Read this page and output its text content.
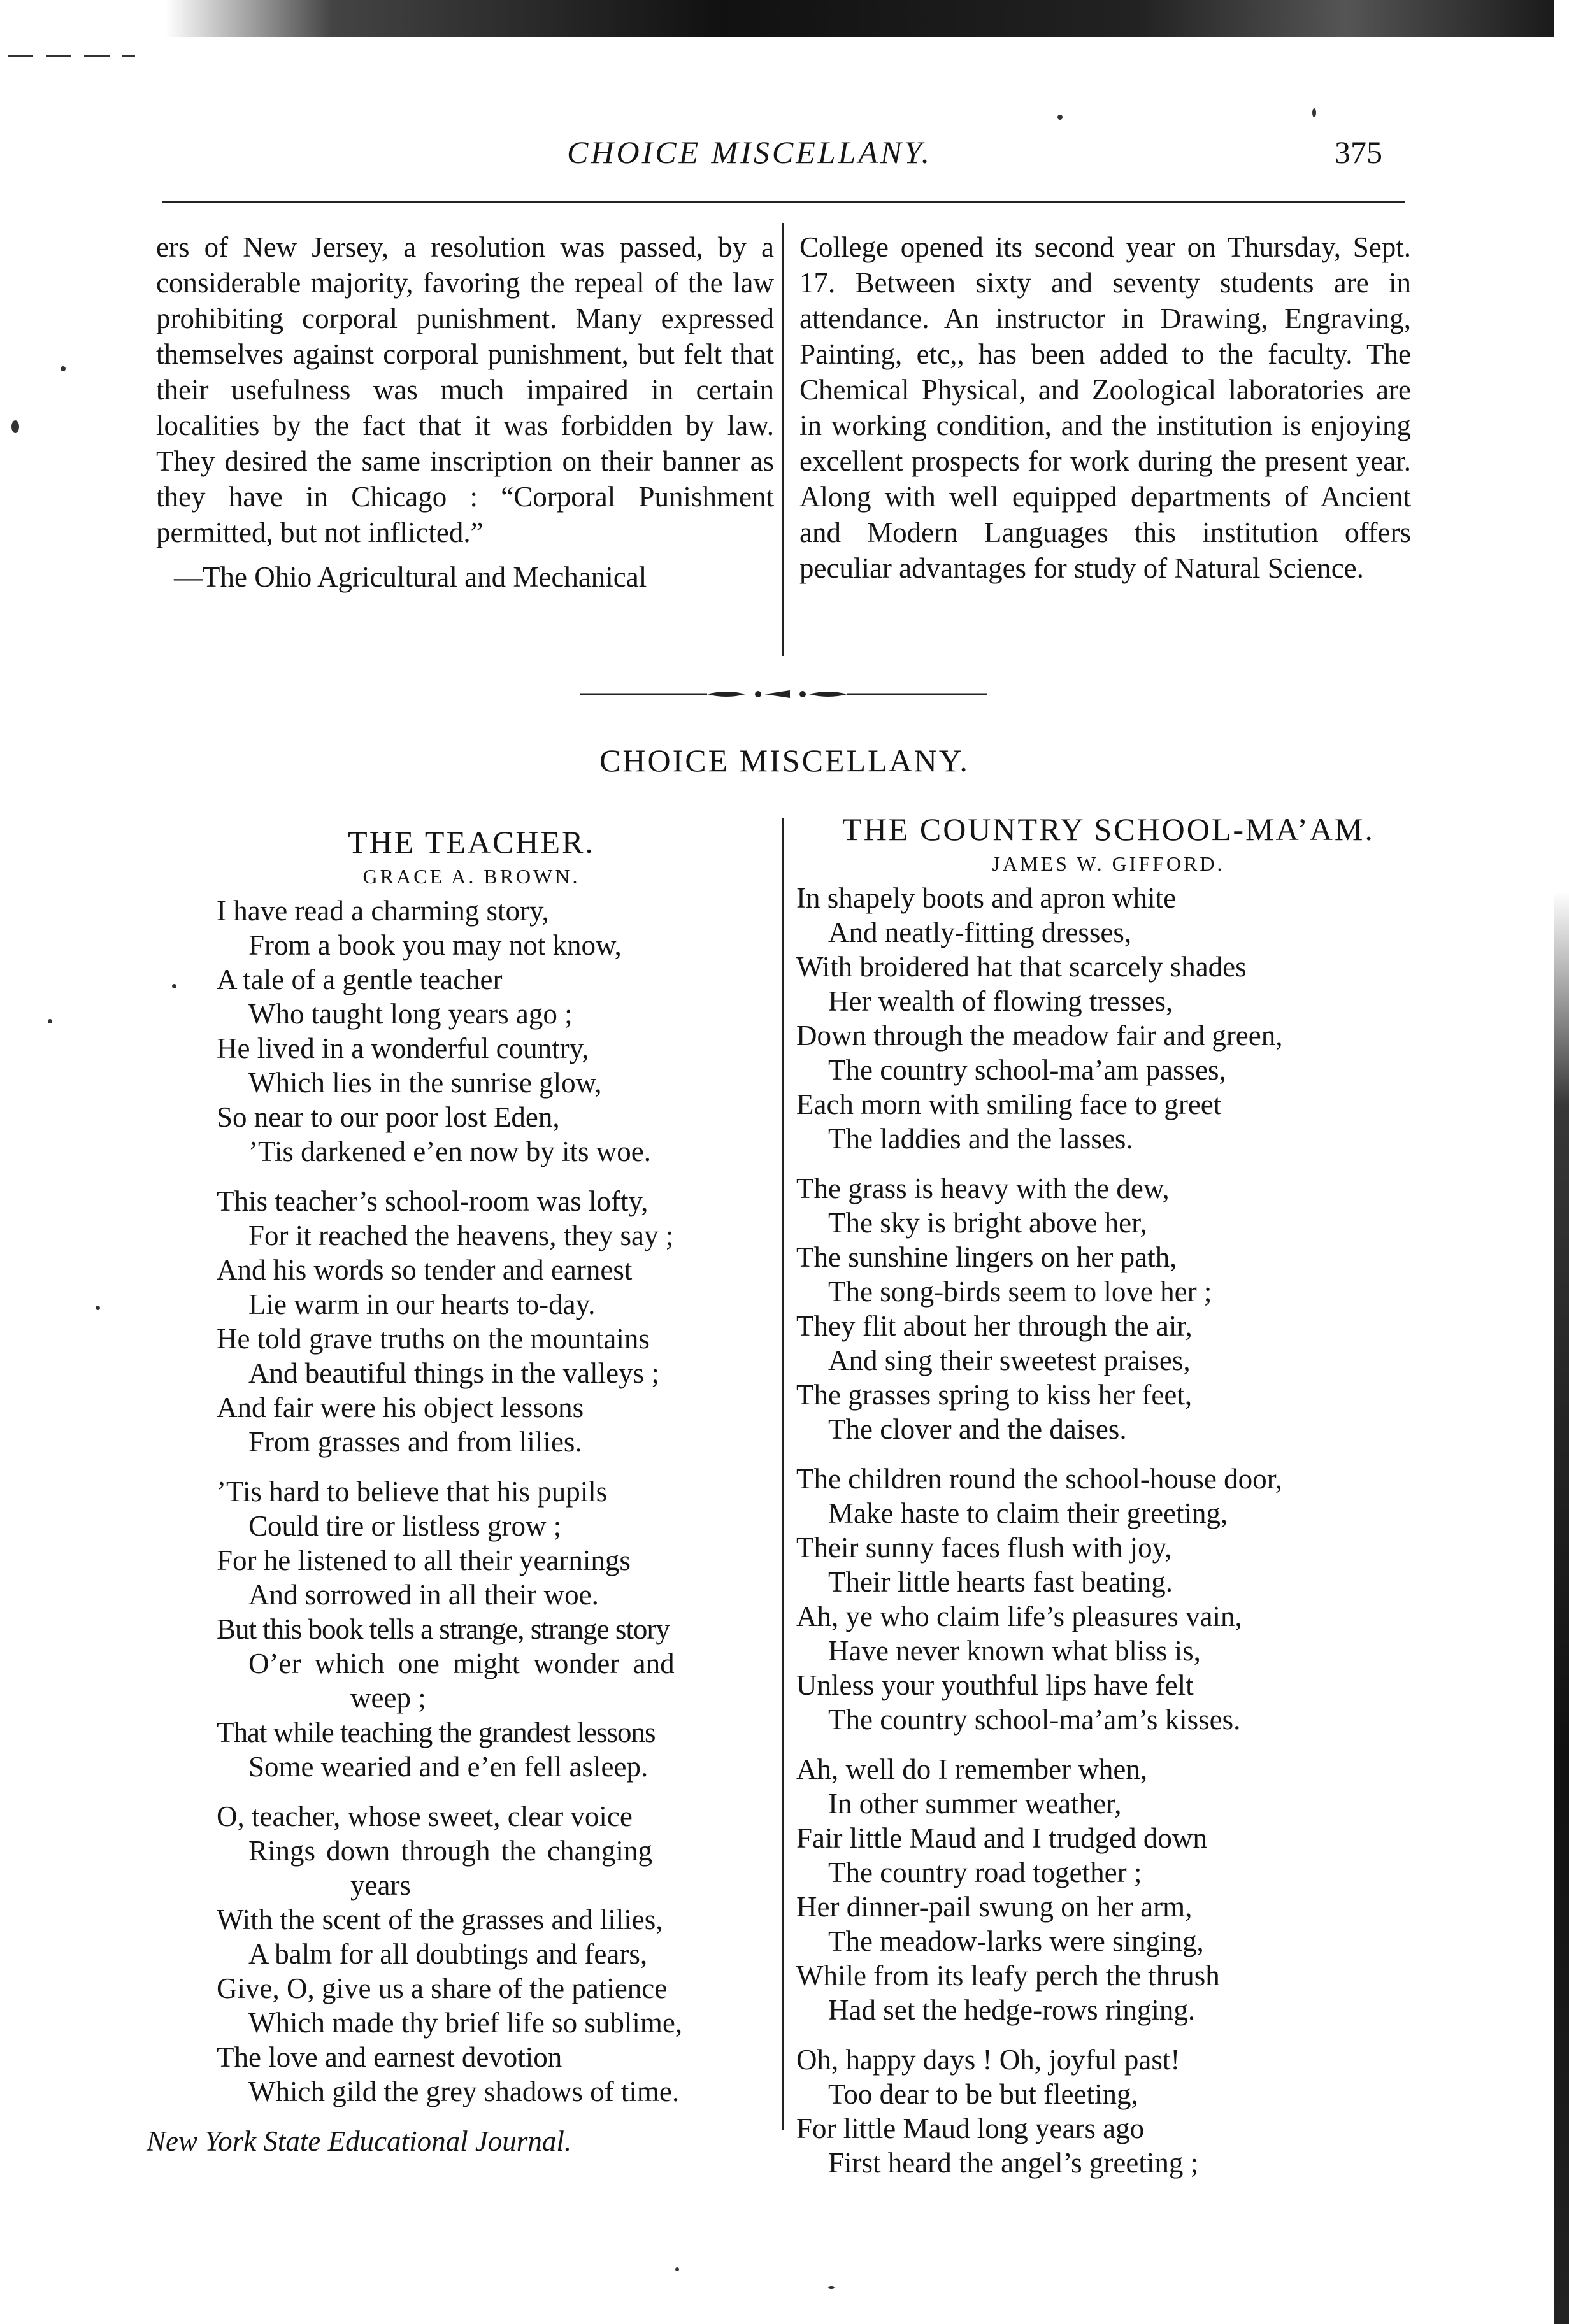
CHOICE MISCELLANY.	375

ers of New Jersey, a resolution was passed, by a considerable majority, favoring the repeal of the law prohibiting corporal punishment. Many expressed themselves against corporal punishment, but felt that their usefulness was much impaired in certain localities by the fact that it was forbidden by law. They desired the same inscription on their banner as they have in Chicago : “Corporal Punishment permitted, but not inflicted.”

—The Ohio Agricultural and Mechanical

College opened its second year on Thursday, Sept. 17. Between sixty and seventy students are in attendance. An instructor in Drawing, Engraving, Painting, etc,, has been added to the faculty. The Chemical Physical, and Zoological laboratories are in working condition, and the institution is enjoying excellent prospects for work during the present year. Along with well equipped departments of Ancient and Modern Languages this institution offers peculiar advantages for study of Natural Science.

CHOICE MISCELLANY.

THE TEACHER.

GRACE A. BROWN.

I have read a charming story,
From a book you may not know,
A tale of a gentle teacher
Who taught long years ago ;
He lived in a wonderful country,
Which lies in the sunrise glow,
So near to our poor lost Eden,
’Tis darkened e’en now by its woe.
This teacher’s school-room was lofty,
For it reached the heavens, they say ;
And his words so tender and earnest
Lie warm in our hearts to-day.
He told grave truths on the mountains
And beautiful things in the valleys ;
And fair were his object lessons
From grasses and from lilies.
’Tis hard to believe that his pupils
Could tire or listless grow ;
For he listened to all their yearnings
And sorrowed in all their woe.
But this book tells a strange, strange story
O’er which one might wonder and
weep ;
That while teaching the grandest lessons
Some wearied and e’en fell asleep.
O, teacher, whose sweet, clear voice
Rings down through the changing
years
With the scent of the grasses and lilies,
A balm for all doubtings and fears,
Give, O, give us a share of the patience
Which made thy brief life so sublime,
The love and earnest devotion
Which gild the grey shadows of time.
New York State Educational Journal.

THE COUNTRY SCHOOL-MA’AM.

JAMES W. GIFFORD.

In shapely boots and apron white
And neatly-fitting dresses,
With broidered hat that scarcely shades
Her wealth of flowing tresses,
Down through the meadow fair and green,
The country school-ma’am passes,
Each morn with smiling face to greet
The laddies and the lasses.
The grass is heavy with the dew,
The sky is bright above her,
The sunshine lingers on her path,
The song-birds seem to love her ;
They flit about her through the air,
And sing their sweetest praises,
The grasses spring to kiss her feet,
The clover and the daises.
The children round the school-house door,
Make haste to claim their greeting,
Their sunny faces flush with joy,
Their little hearts fast beating.
Ah, ye who claim life’s pleasures vain,
Have never known what bliss is,
Unless your youthful lips have felt
The country school-ma’am’s kisses.
Ah, well do I remember when,
In other summer weather,
Fair little Maud and I trudged down
The country road together ;
Her dinner-pail swung on her arm,
The meadow-larks were singing,
While from its leafy perch the thrush
Had set the hedge-rows ringing.
Oh, happy days ! Oh, joyful past!
Too dear to be but fleeting,
For little Maud long years ago
First heard the angel’s greeting ;
